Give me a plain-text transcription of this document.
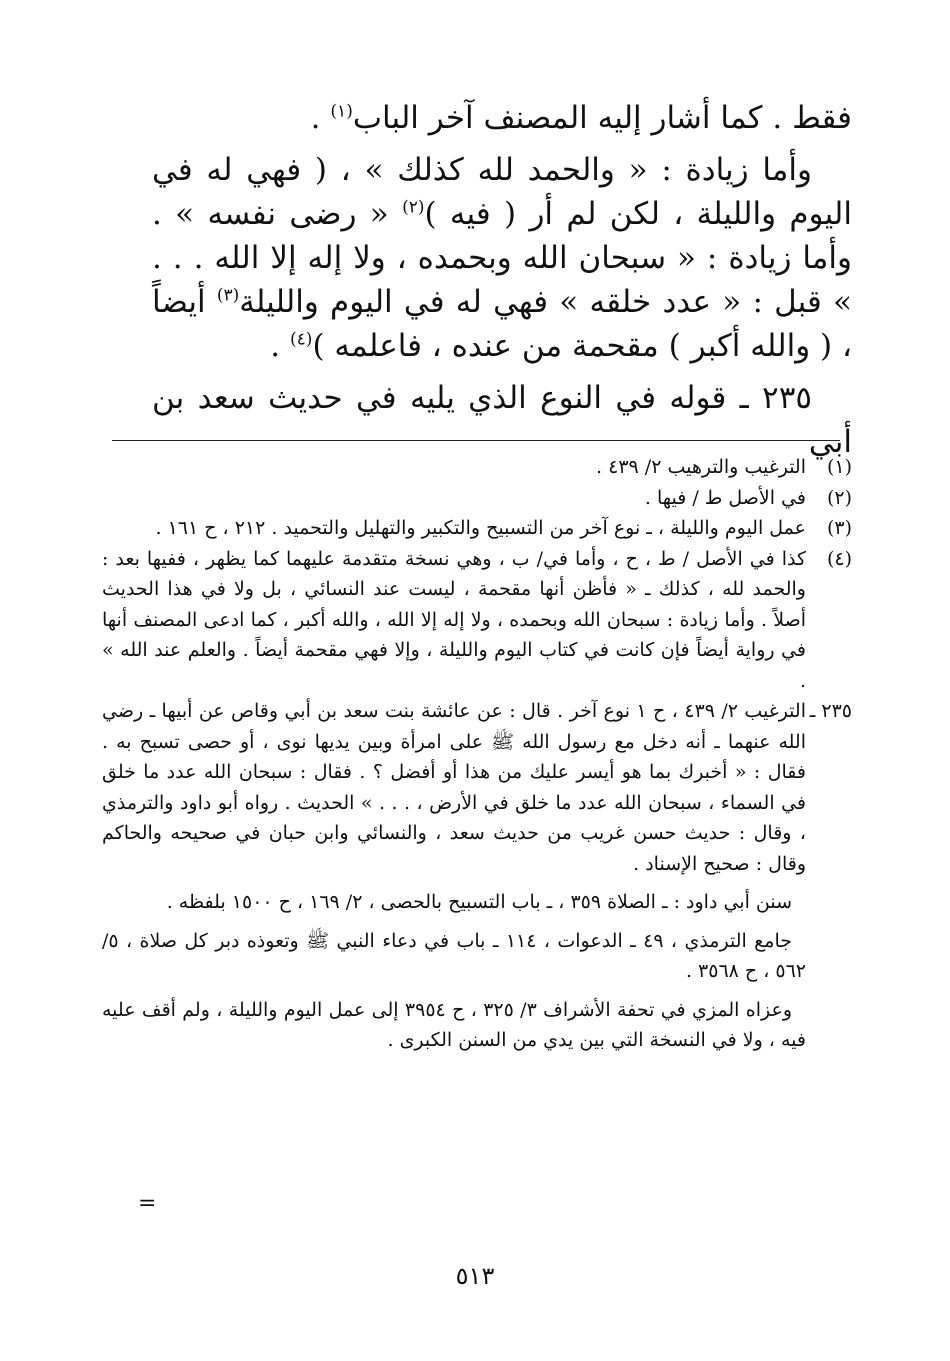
فقط . كما أشار إليه المصنف آخر الباب$^{(١)}$ .

وأما زيادة : « والحمد لله كذلك » ، ( فهي له في اليوم والليلة ، لكن لم أر ( فيه )$^{(٢)}$ « رضى نفسه » . وأما زيادة : « سبحان الله وبحمده ، ولا إله إلا الله . . . » قبل : « عدد خلقه » فهي له في اليوم والليلة$^{(٣)}$ أيضاً ، ( والله أكبر ) مقحمة من عنده ، فاعلمه )$^{(٤)}$ .

٢٣٥ ـ قوله في النوع الذي يليه في حديث سعد بن أبي

(١)
الترغيب والترهيب ٢/ ٤٣٩ .
(٢)
في الأصل ط / فيها .
(٣)
عمل اليوم والليلة ، ـ نوع آخر من التسبيح والتكبير والتهليل والتحميد . ٢١٢ ، ح ١٦١ .
(٤)
كذا في الأصل / ط ، ح ، وأما في/ ب ، وهي نسخة متقدمة عليهما كما يظهر ، ففيها بعد : والحمد لله ، كذلك ـ « فأظن أنها مقحمة ، ليست عند النسائي ، بل ولا في هذا الحديث أصلاً . وأما زيادة : سبحان الله وبحمده ، ولا إله إلا الله ، والله أكبر ، كما ادعى المصنف أنها في رواية أيضاً فإن كانت في كتاب اليوم والليلة ، وإلا فهي مقحمة أيضاً . والعلم عند الله » .
٢٣٥ ـ

الترغيب ٢/ ٤٣٩ ، ح ١ نوع آخر . قال : عن عائشة بنت سعد بن أبي وقاص عن أبيها ـ رضي الله عنهما ـ أنه دخل مع رسول الله ﷺ على امرأة وبين يديها نوى ، أو حصى تسبح به . فقال : « أخبرك بما هو أيسر عليك من هذا أو أفضل ؟ . فقال : سبحان الله عدد ما خلق في السماء ، سبحان الله عدد ما خلق في الأرض ، . . . » الحديث . رواه أبو داود والترمذي ، وقال : حديث حسن غريب من حديث سعد ، والنسائي وابن حبان في صحيحه والحاكم وقال : صحيح الإسناد .

سنن أبي داود : ـ الصلاة ٣٥٩ ، ـ باب التسبيح بالحصى ، ٢/ ١٦٩ ، ح ١٥٠٠ بلفظه .

جامع الترمذي ، ٤٩ ـ الدعوات ، ١١٤ ـ باب في دعاء النبي ﷺ وتعوذه دبر كل صلاة ، ٥/ ٥٦٢ ، ح ٣٥٦٨ .

وعزاه المزي في تحفة الأشراف ٣/ ٣٢٥ ، ح ٣٩٥٤ إلى عمل اليوم والليلة ، ولم أقف عليه فيه ، ولا في النسخة التي بين يدي من السنن الكبرى .

=
٥١٣
